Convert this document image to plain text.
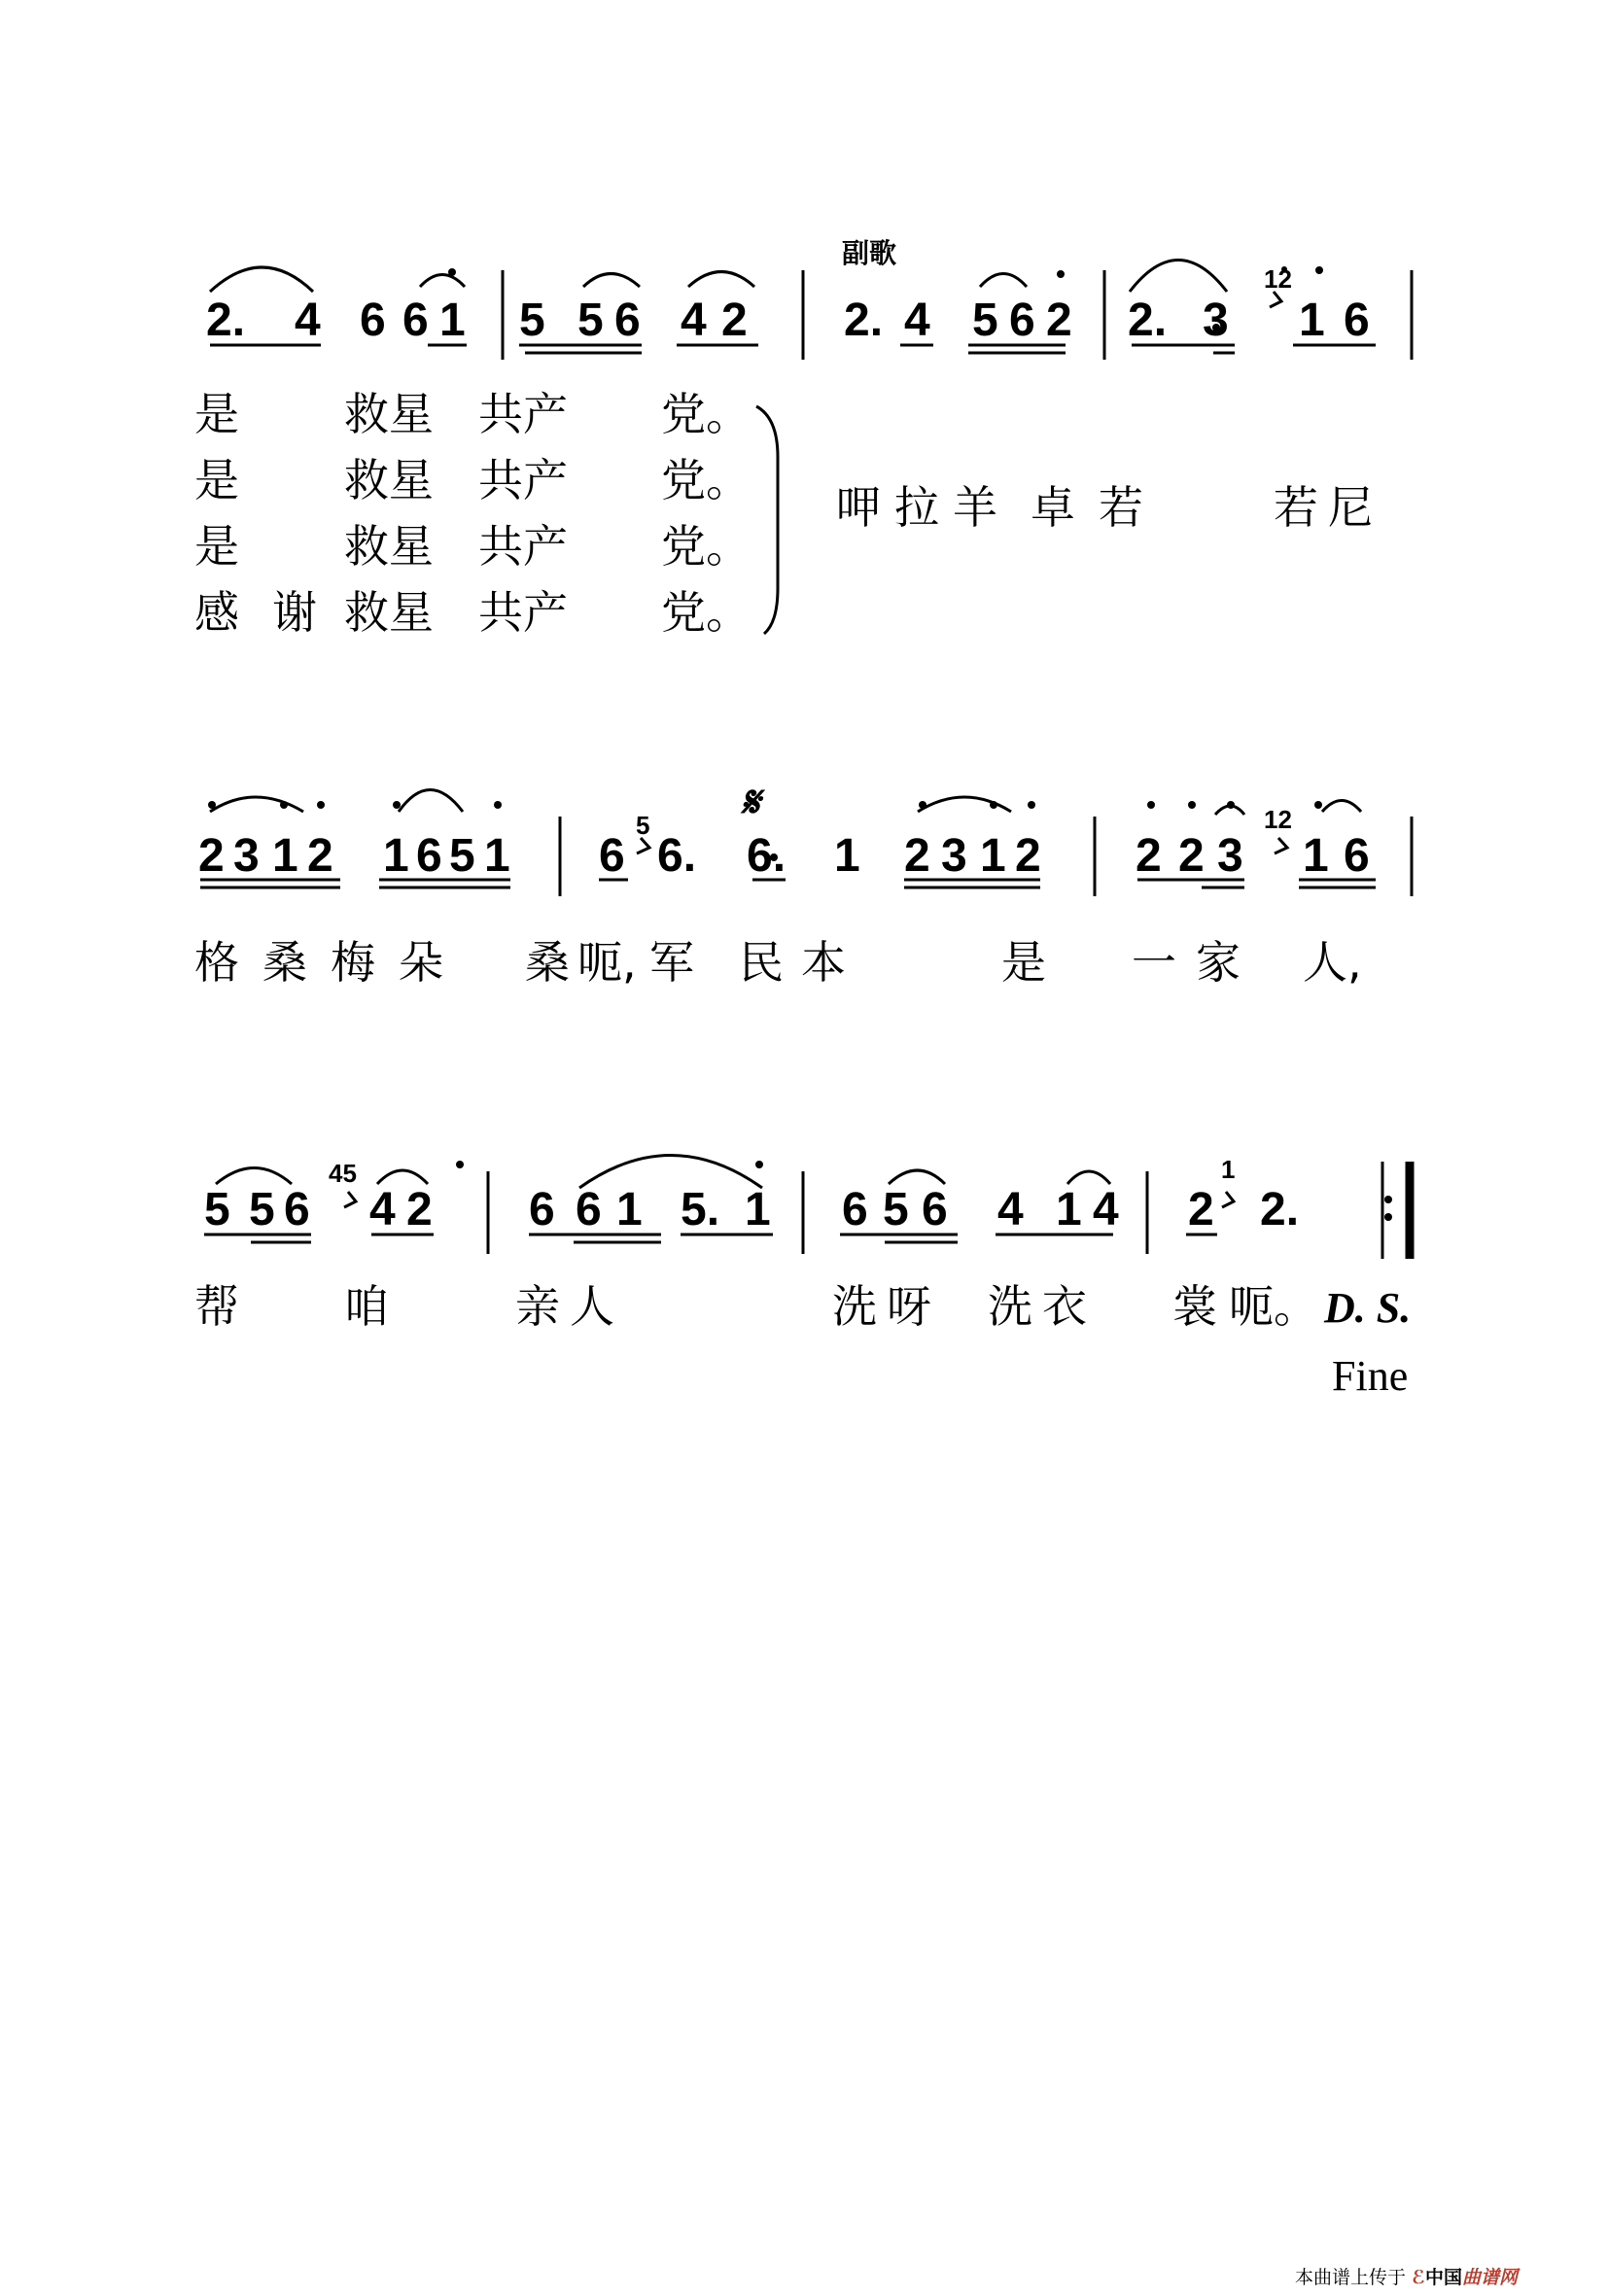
副歌
2. 4 6 6 1 5 5 6 4 2 2. 4 5 6 2 2. 3
12
1 6
是 救星 共产 党。
是 救星 共产 党。
是 救星 共产 党。
感 谢 救星 共产 党。
呷 拉 羊 卓 若	若 尼
𝄋
2 3 1 2 1 6 5 1 6
5
6. 6. 1 2 3 1 2 2 2 3
12
1 6
格 桑 梅 朵 桑 呃, 军 民 本	是 一 家 人,
5 5 6
45
4 2 6 6 1 5. 1 6 5 6 4 1 4 2
1
2.
帮 咱	亲 人	洗 呀 洗 衣 裳 呃。 D. S.
Fine
本曲谱上传于 ℰ中国曲谱网
